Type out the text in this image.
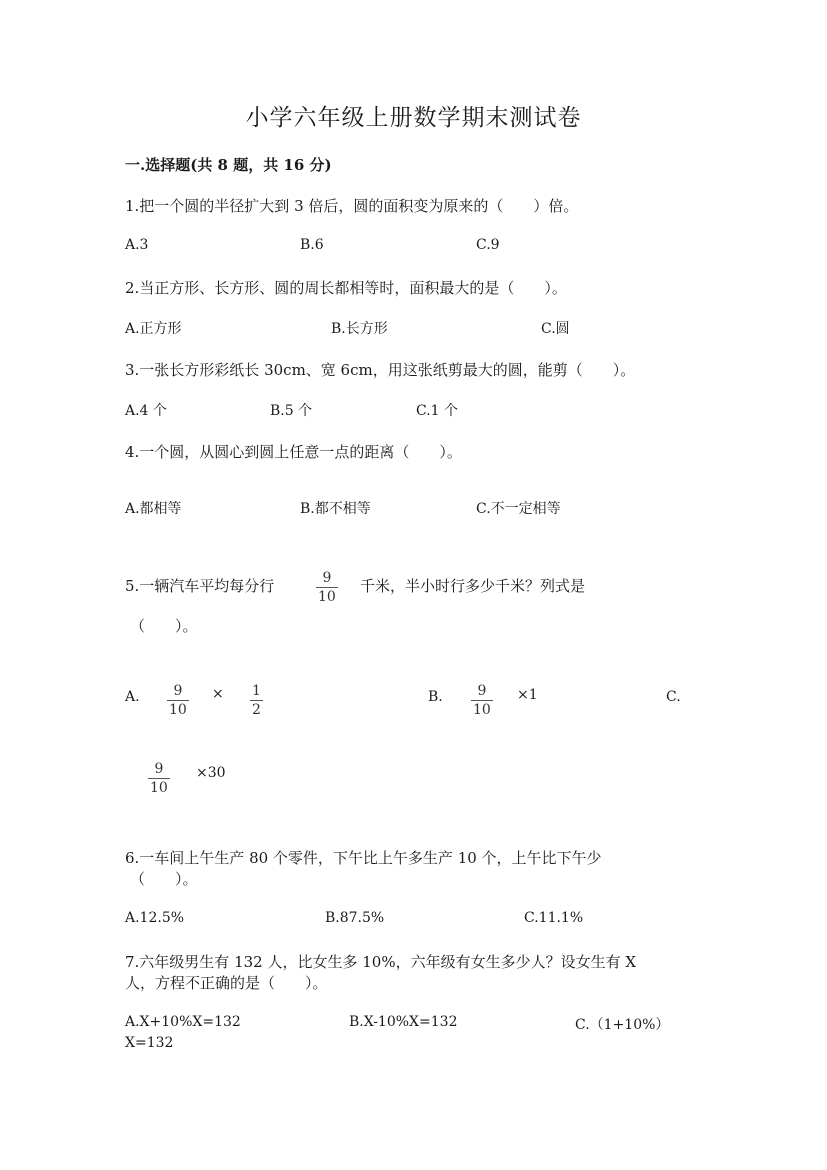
小学六年级上册数学期末测试卷
一.选择题(共 8 题，共 16 分)
1.把一个圆的半径扩大到 3 倍后，圆的面积变为原来的（　　）倍。
A.3	B.6	C.9
2.当正方形、长方形、圆的周长都相等时，面积最大的是（　　）。
A.正方形	B.长方形	C.圆
3.一张长方形彩纸长 30cm、宽 6cm，用这张纸剪最大的圆，能剪（　　）。
A.4 个	B.5 个	C.1 个
4.一个圆，从圆心到圆上任意一点的距离（　　）。
A.都相等	B.都不相等	C.不一定相等
5.一辆汽车平均每分行	9
10
千米，半小时行多少千米？列式是
（　　）。
A.	9
10
× 1
2
B.	9
10
×1	C.
9
10
×30
6.一车间上午生产 80 个零件，下午比上午多生产 10 个，上午比下午少
（　　）。
A.12.5%	B.87.5%	C.11.1%
7.六年级男生有 132 人，比女生多 10%，六年级有女生多少人？设女生有 X
人，方程不正确的是（　　）。
A.X+10%X=132	B.X-10%X=132	C.（1+10%）
X=132
